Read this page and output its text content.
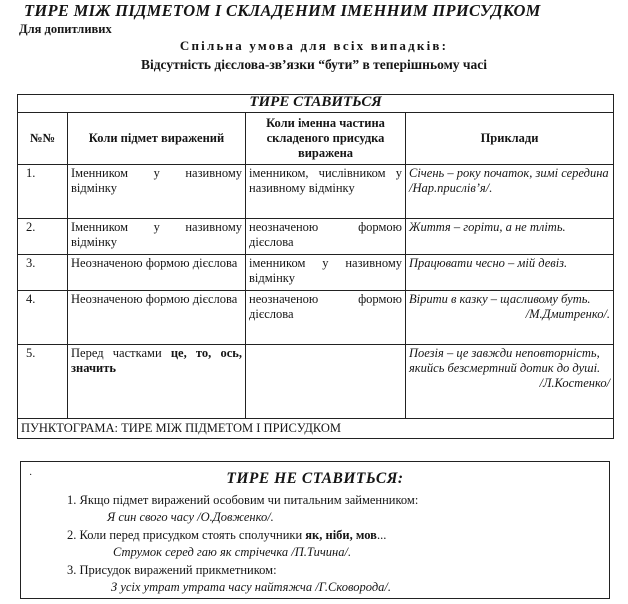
ТИРЕ МІЖ ПІДМЕТОМ І СКЛАДЕНИМ ІМЕННИМ ПРИСУДКОМ
Для допитливих
Спільна умова для всіх випадків:
Відсутність дієслова-зв’язки “бути” в теперішньому часі
ТИРЕ СТАВИТЬСЯ			
№№	Коли підмет виражений	Коли іменна частина складеного присудка виражена	Приклади
1.	Іменником у називному відмінку	іменником, числівником у називному відмінку	Січень – року початок, зимі середина
/Нар.прислів’я/.
2.	Іменником у називному відмінку	неозначеною формою дієслова	Життя – горіти, а не тліть.
3.	Неозначеною формою дієслова	іменником у називному відмінку	Працювати чесно – мій девіз.
4.	Неозначеною формою дієслова	неозначеною формою дієслова	Вірити в казку – щасливому буть.
/М.Дмитренко/.

5.	Перед частками це, то, ось, значить		Поезія – це завжди неповторність, якийсь безсмертний дотик до душі.
/Л.Костенко/

ПУНКТОГРАМА: ТИРЕ МІЖ ПІДМЕТОМ І ПРИСУДКОМ			
·	ТИРЕ НЕ СТАВИТЬСЯ:
1. Якщо підмет виражений особовим чи питальним займенником:
Я син свого часу /О.Довженко/.
2. Коли перед присудком стоять сполучники як, ніби, мов...
Струмок серед гаю як стрічечка /П.Тичина/.
3. Присудок виражений прикметником:
З усіх утрат утрата часу найтяжча /Г.Сковорода/.
